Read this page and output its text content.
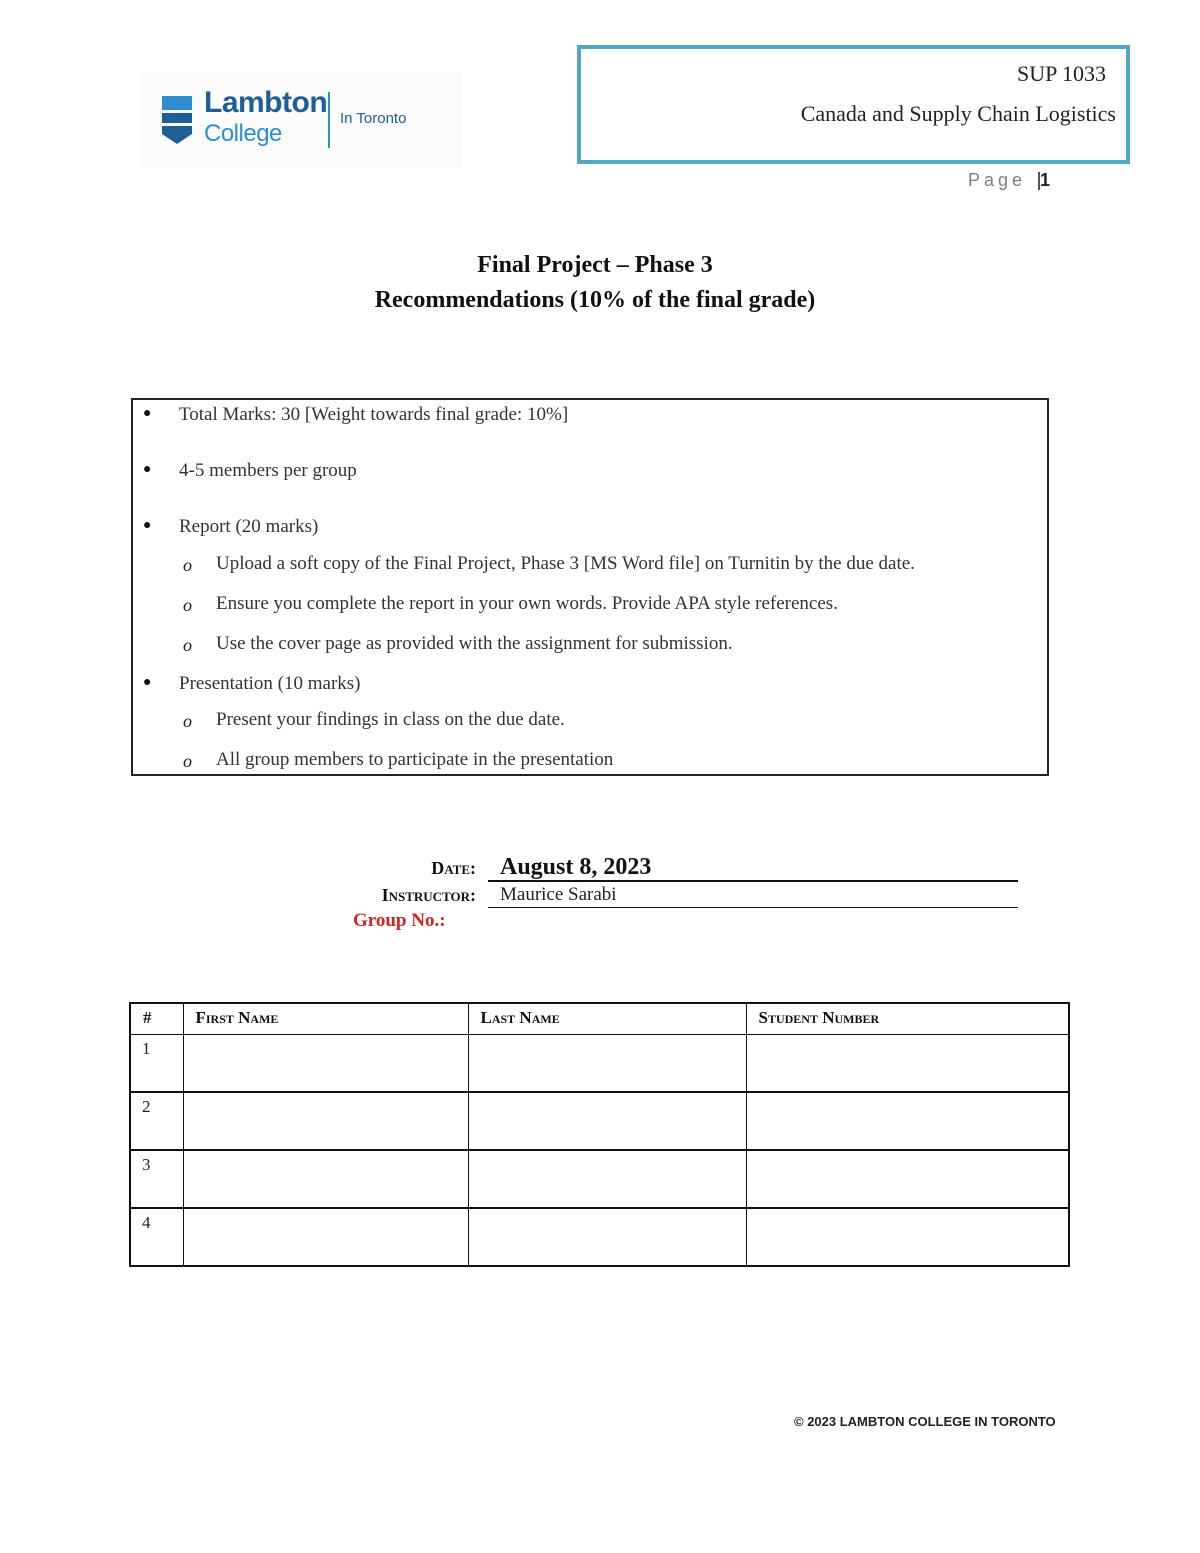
Lambton
College
In Toronto
SUP 1033
Canada and Supply Chain Logistics
Page 1
Final Project – Phase 3
Recommendations (10% of the final grade)
● Total Marks: 30 [Weight towards final grade: 10%]
● 4-5 members per group
● Report (20 marks)
o Upload a soft copy of the Final Project, Phase 3 [MS Word file] on Turnitin by the due date.
o Ensure you complete the report in your own words. Provide APA style references.
o Use the cover page as provided with the assignment for submission.
● Presentation (10 marks)
o Present your findings in class on the due date.
o All group members to participate in the presentation
Date: August 8, 2023
Instructor: Maurice Sarabi
Group No.:
#	First Name	Last Name	Student Number
1			
2			
3			
4			
© 2023 LAMBTON COLLEGE IN TORONTO
